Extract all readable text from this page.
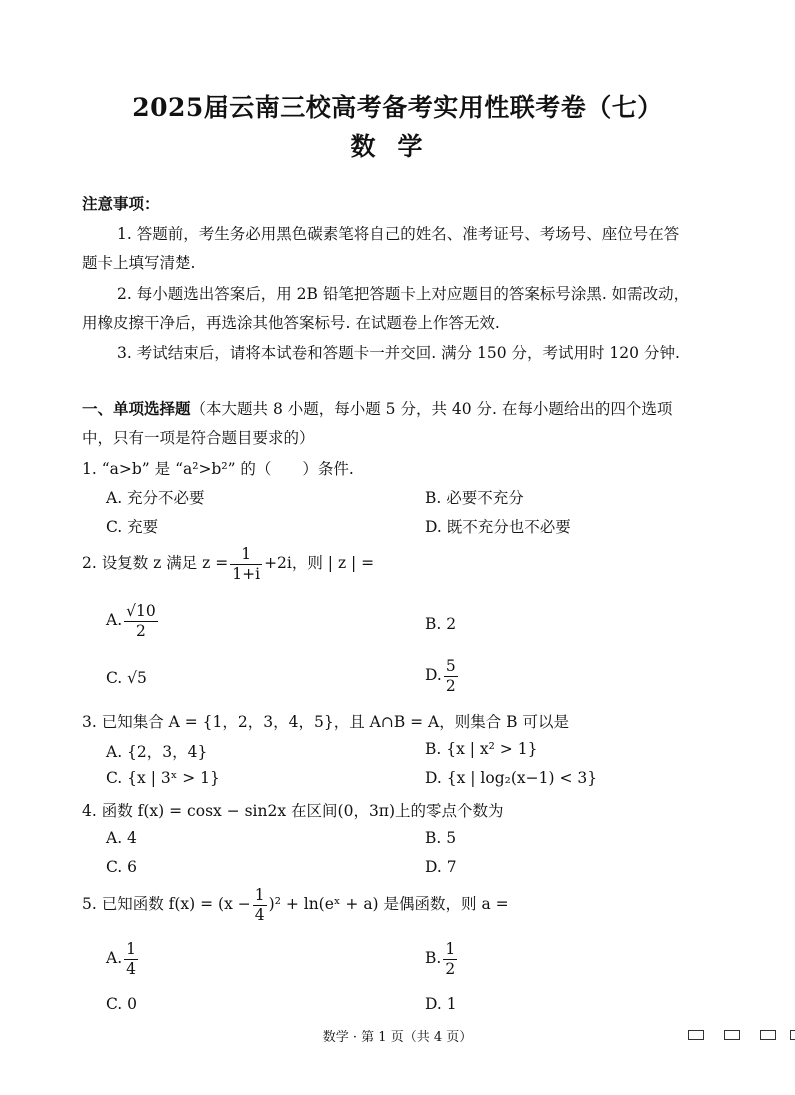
2025届云南三校高考备考实用性联考卷（七）
数学
注意事项：
1. 答题前，考生务必用黑色碳素笔将自己的姓名、准考证号、考场号、座位号在答
题卡上填写清楚.
2. 每小题选出答案后，用 2B 铅笔把答题卡上对应题目的答案标号涂黑. 如需改动，
用橡皮擦干净后，再选涂其他答案标号. 在试题卷上作答无效.
3. 考试结束后，请将本试卷和答题卡一并交回. 满分 150 分，考试用时 120 分钟.
一、单项选择题（本大题共 8 小题，每小题 5 分，共 40 分. 在每小题给出的四个选项
中，只有一项是符合题目要求的）
1. “a>b” 是 “a²>b²” 的（　　）条件.
A. 充分不必要	B. 必要不充分
C. 充要	D. 既不充分也不必要
2. 设复数 z 满足 $z = \frac{1}{1+i} +2i$，则 | z | =
A. $\frac{√10}{2}$	B. 2
C. √5	D. $\frac{5}{2}$
3. 已知集合 A = {1，2，3，4，5}，且 A∩B = A，则集合 B 可以是
A. {2，3，4}	B. {x | x² > 1}
C. {x | 3ˣ > 1}	D. {x | log₂(x−1) < 3}
4. 函数 f(x) = cosx − sin2x 在区间(0，3π)上的零点个数为
A. 4	B. 5
C. 6	D. 7
5. 已知函数 $f(x) = (x - \frac{1}{4} )^2$ + ln(eˣ + a) 是偶函数，则 a =
A. $\frac{1}{4}$	B. $\frac{1}{2}$
C. 0	D. 1
数学 · 第 1 页（共 4 页）
